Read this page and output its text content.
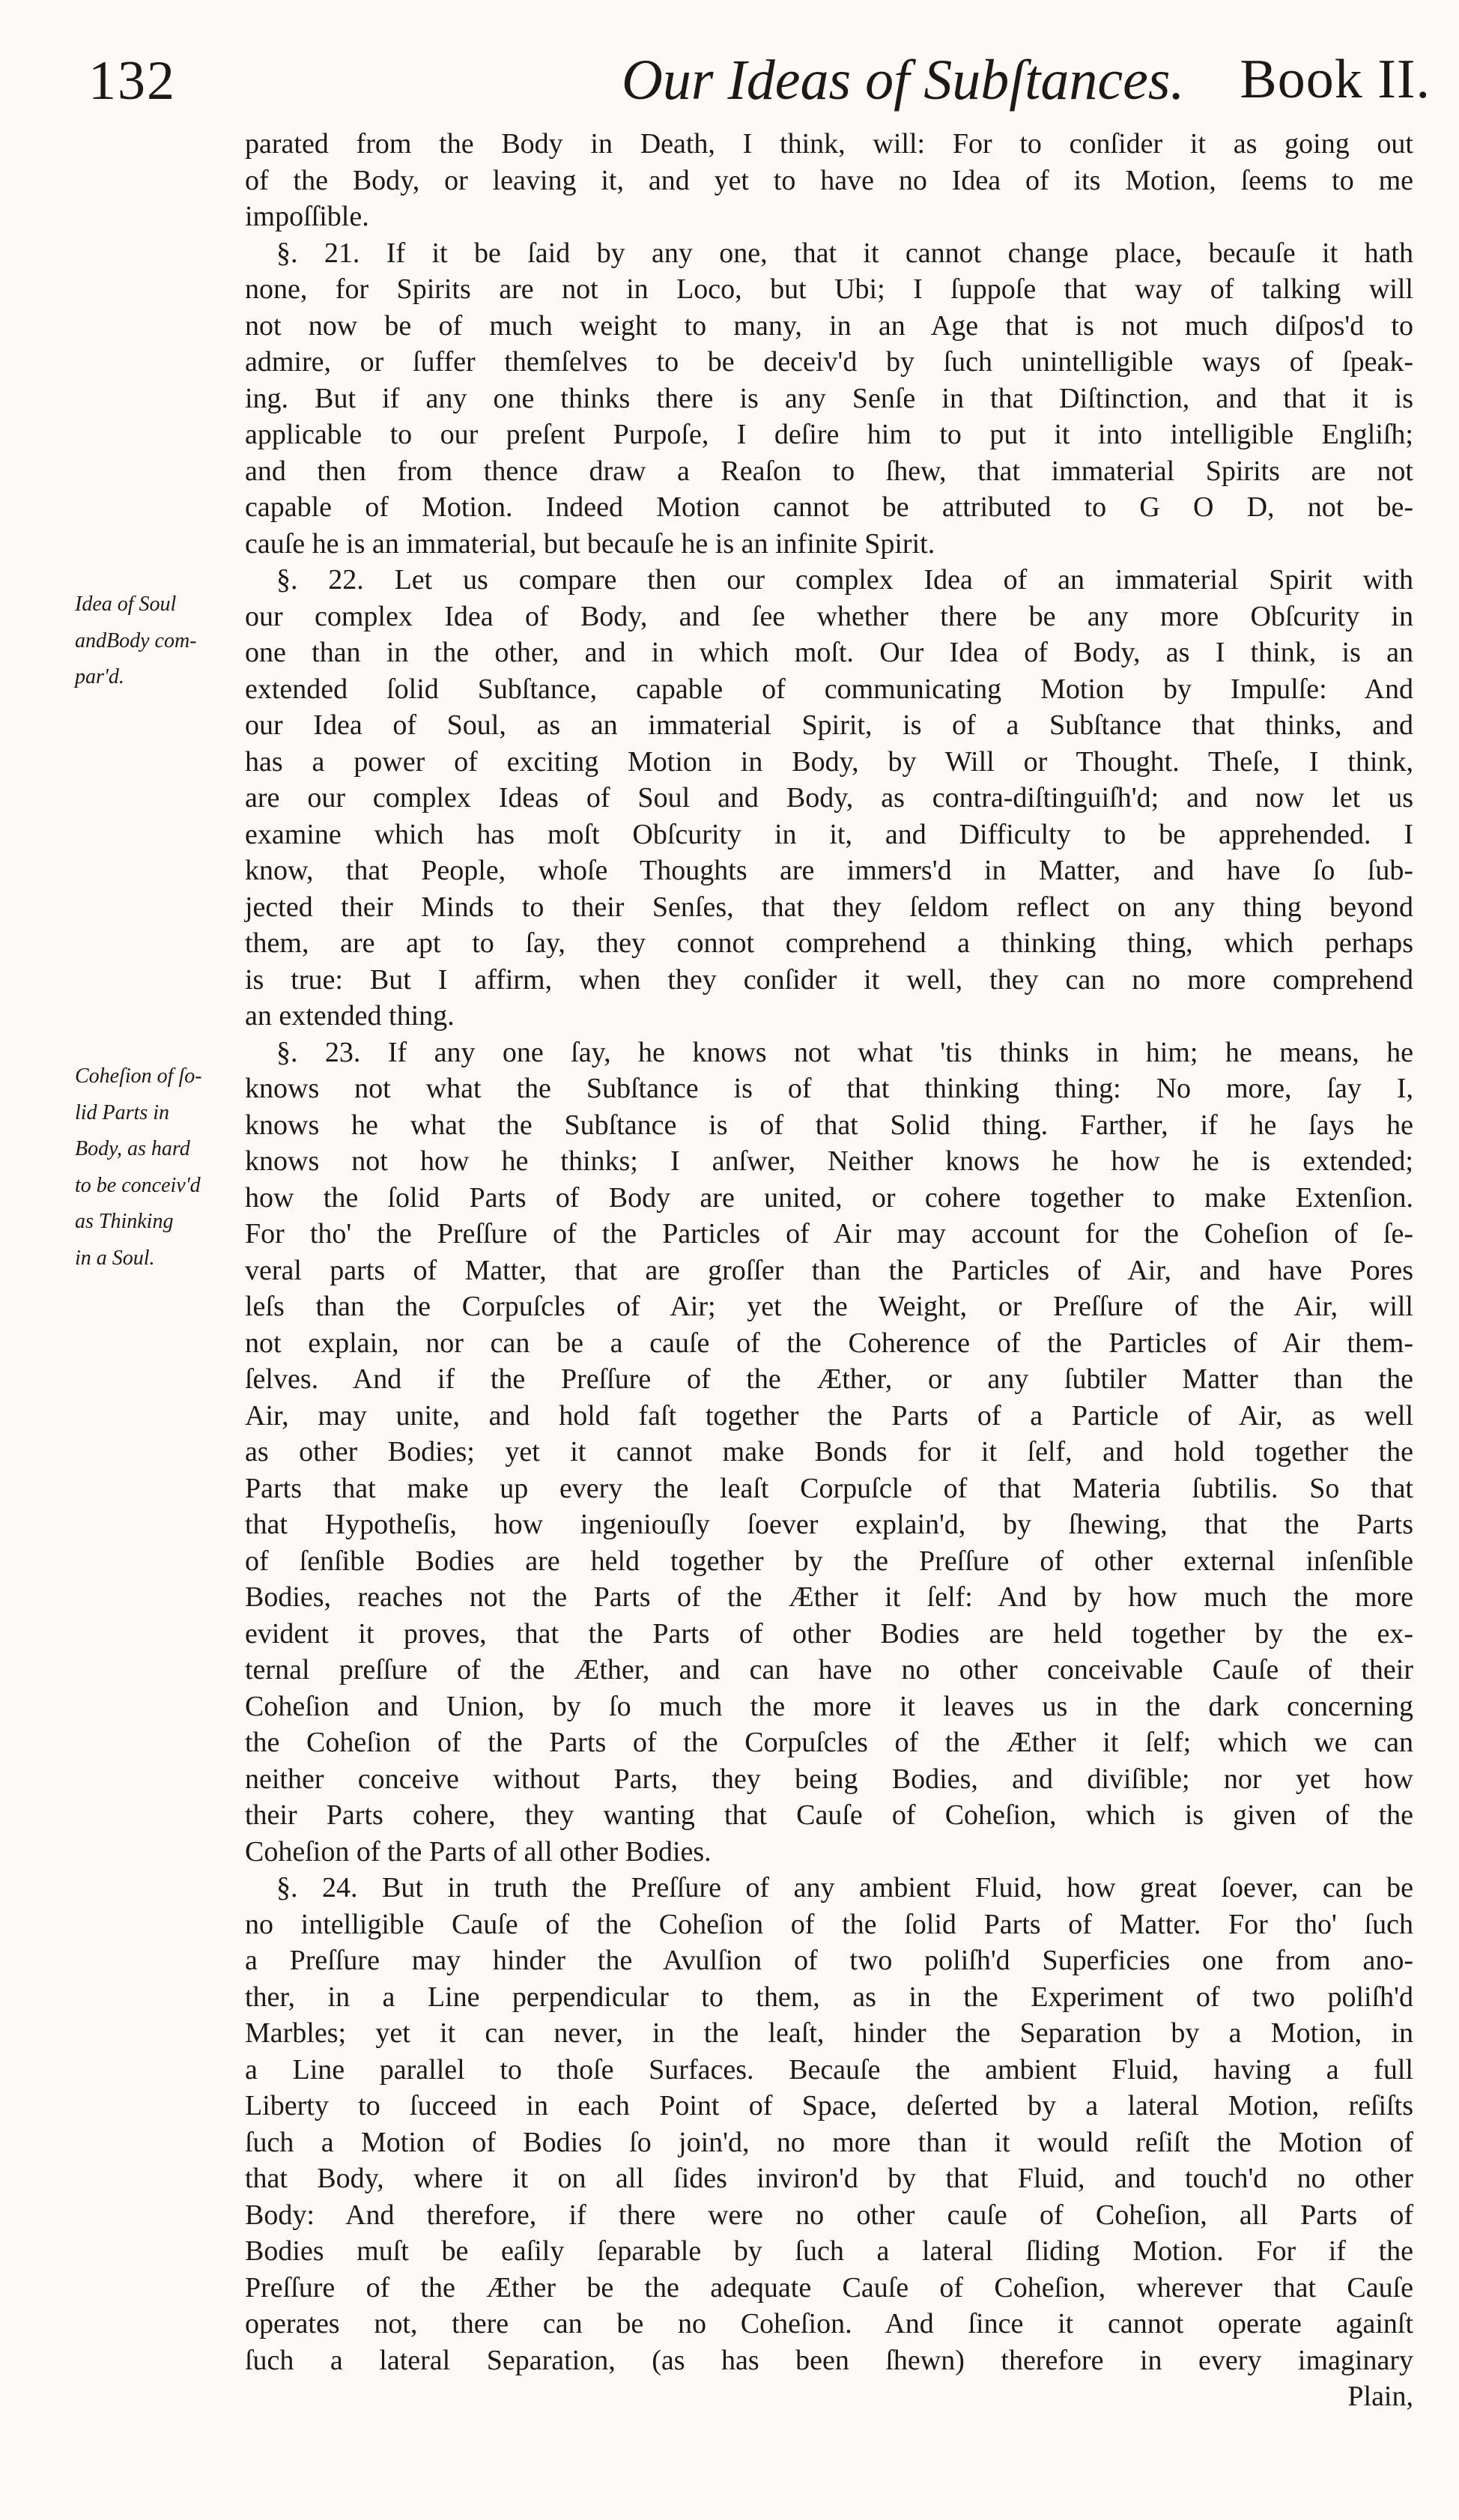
132	Our Ideas of Subſtances. Book II.
Idea of Soul
andBody com-
par'd.
Coheſion of ſo-
lid Parts in
Body, as hard
to be conceiv'd
as Thinking
in a Soul.
parated from the Body in Death, I think, will: For to conſider it as going out
of the Body, or leaving it, and yet to have no Idea of its Motion, ſeems to me
impoſſible.
§. 21. If it be ſaid by any one, that it cannot change place, becauſe it hath
none, for Spirits are not in Loco, but Ubi; I ſuppoſe that way of talking will
not now be of much weight to many, in an Age that is not much diſpos'd to
admire, or ſuffer themſelves to be deceiv'd by ſuch unintelligible ways of ſpeak-
ing. But if any one thinks there is any Senſe in that Diſtinction, and that it is
applicable to our preſent Purpoſe, I deſire him to put it into intelligible Engliſh;
and then from thence draw a Reaſon to ſhew, that immaterial Spirits are not
capable of Motion. Indeed Motion cannot be attributed to G O D, not be-
cauſe he is an immaterial, but becauſe he is an infinite Spirit.
§. 22. Let us compare then our complex Idea of an immaterial Spirit with
our complex Idea of Body, and ſee whether there be any more Obſcurity in
one than in the other, and in which moſt. Our Idea of Body, as I think, is an
extended ſolid Subſtance, capable of communicating Motion by Impulſe: And
our Idea of Soul, as an immaterial Spirit, is of a Subſtance that thinks, and
has a power of exciting Motion in Body, by Will or Thought. Theſe, I think,
are our complex Ideas of Soul and Body, as contra-diſtinguiſh'd; and now let us
examine which has moſt Obſcurity in it, and Difficulty to be apprehended. I
know, that People, whoſe Thoughts are immers'd in Matter, and have ſo ſub-
jected their Minds to their Senſes, that they ſeldom reflect on any thing beyond
them, are apt to ſay, they connot comprehend a thinking thing, which perhaps
is true: But I affirm, when they conſider it well, they can no more comprehend
an extended thing.
§. 23. If any one ſay, he knows not what 'tis thinks in him; he means, he
knows not what the Subſtance is of that thinking thing: No more, ſay I,
knows he what the Subſtance is of that Solid thing. Farther, if he ſays he
knows not how he thinks; I anſwer, Neither knows he how he is extended;
how the ſolid Parts of Body are united, or cohere together to make Extenſion.
For tho' the Preſſure of the Particles of Air may account for the Coheſion of ſe-
veral parts of Matter, that are groſſer than the Particles of Air, and have Pores
leſs than the Corpuſcles of Air; yet the Weight, or Preſſure of the Air, will
not explain, nor can be a cauſe of the Coherence of the Particles of Air them-
ſelves. And if the Preſſure of the Æther, or any ſubtiler Matter than the
Air, may unite, and hold faſt together the Parts of a Particle of Air, as well
as other Bodies; yet it cannot make Bonds for it ſelf, and hold together the
Parts that make up every the leaſt Corpuſcle of that Materia ſubtilis. So that
that Hypotheſis, how ingeniouſly ſoever explain'd, by ſhewing, that the Parts
of ſenſible Bodies are held together by the Preſſure of other external inſenſible
Bodies, reaches not the Parts of the Æther it ſelf: And by how much the more
evident it proves, that the Parts of other Bodies are held together by the ex-
ternal preſſure of the Æther, and can have no other conceivable Cauſe of their
Coheſion and Union, by ſo much the more it leaves us in the dark concerning
the Coheſion of the Parts of the Corpuſcles of the Æther it ſelf; which we can
neither conceive without Parts, they being Bodies, and diviſible; nor yet how
their Parts cohere, they wanting that Cauſe of Coheſion, which is given of the
Coheſion of the Parts of all other Bodies.
§. 24. But in truth the Preſſure of any ambient Fluid, how great ſoever, can be
no intelligible Cauſe of the Coheſion of the ſolid Parts of Matter. For tho' ſuch
a Preſſure may hinder the Avulſion of two poliſh'd Superficies one from ano-
ther, in a Line perpendicular to them, as in the Experiment of two poliſh'd
Marbles; yet it can never, in the leaſt, hinder the Separation by a Motion, in
a Line parallel to thoſe Surfaces. Becauſe the ambient Fluid, having a full
Liberty to ſucceed in each Point of Space, deſerted by a lateral Motion, reſiſts
ſuch a Motion of Bodies ſo join'd, no more than it would reſiſt the Motion of
that Body, where it on all ſides inviron'd by that Fluid, and touch'd no other
Body: And therefore, if there were no other cauſe of Coheſion, all Parts of
Bodies muſt be eaſily ſeparable by ſuch a lateral ſliding Motion. For if the
Preſſure of the Æther be the adequate Cauſe of Coheſion, wherever that Cauſe
operates not, there can be no Coheſion. And ſince it cannot operate againſt
ſuch a lateral Separation, (as has been ſhewn) therefore in every imaginary
Plain,
